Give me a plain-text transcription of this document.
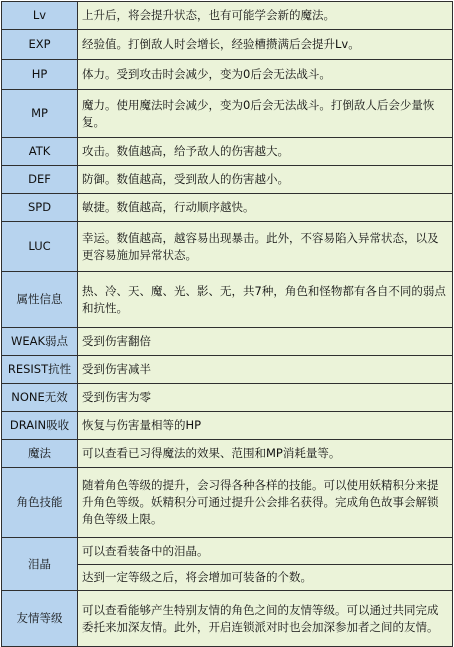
Lv	上升后，将会提升状态，也有可能学会新的魔法。
EXP	经验值。打倒敌人时会增长，经验槽攒满后会提升Lv。
HP	体力。受到攻击时会减少，变为0后会无法战斗。
MP	魔力。使用魔法时会减少，变为0后会无法战斗。打倒敌人后会少量恢复。
ATK	攻击。数值越高，给予敌人的伤害越大。
DEF	防御。数值越高，受到敌人的伤害越小。
SPD	敏捷。数值越高，行动顺序越快。
LUC	幸运。数值越高，越容易出现暴击。此外，不容易陷入异常状态，以及更容易施加异常状态。
属性信息	热、冷、天、魔、光、影、无，共7种，角色和怪物都有各自不同的弱点和抗性。
WEAK弱点	受到伤害翻倍
RESIST抗性	受到伤害减半
NONE无效	受到伤害为零
DRAIN吸收	恢复与伤害量相等的HP
魔法	可以查看已习得魔法的效果、范围和MP消耗量等。
角色技能	随着角色等级的提升，会习得各种各样的技能。可以使用妖精积分来提升角色等级。妖精积分可通过提升公会排名获得。完成角色故事会解锁角色等级上限。
泪晶	可以查看装备中的泪晶。
	达到一定等级之后，将会增加可装备的个数。
友情等级	可以查看能够产生特别友情的角色之间的友情等级。可以通过共同完成委托来加深友情。此外，开启连锁派对时也会加深参加者之间的友情。
